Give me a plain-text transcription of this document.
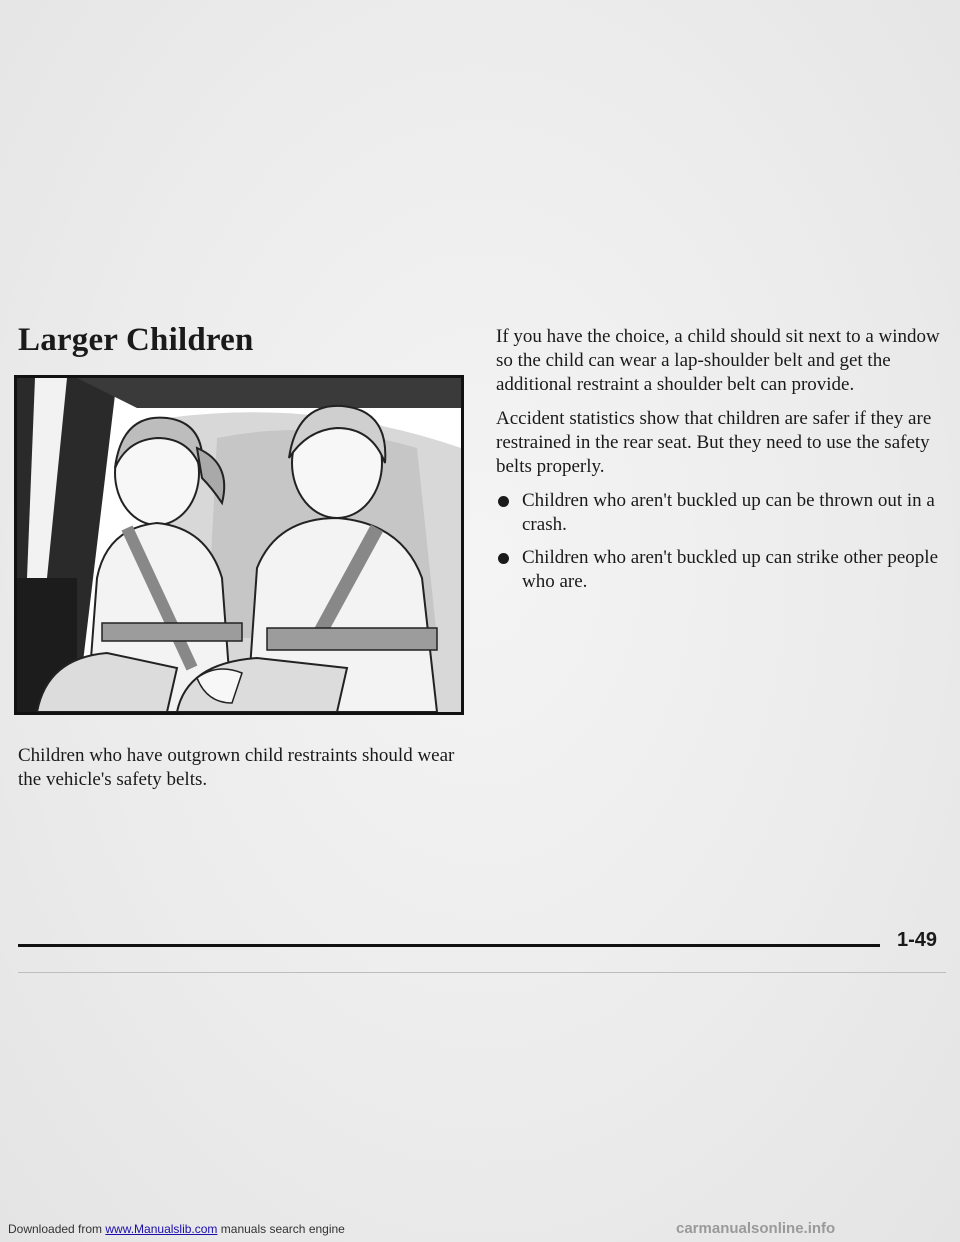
Larger Children

Children who have outgrown child restraints should wear the vehicle's safety belts.

If you have the choice, a child should sit next to a window so the child can wear a lap-shoulder belt and get the additional restraint a shoulder belt can provide.

Accident statistics show that children are safer if they are restrained in the rear seat. But they need to use the safety belts properly.

Children who aren't buckled up can be thrown out in a crash.
Children who aren't buckled up can strike other people who are.
1-49
Downloaded from www.Manualslib.com manuals search engine	carmanualsonline.info
